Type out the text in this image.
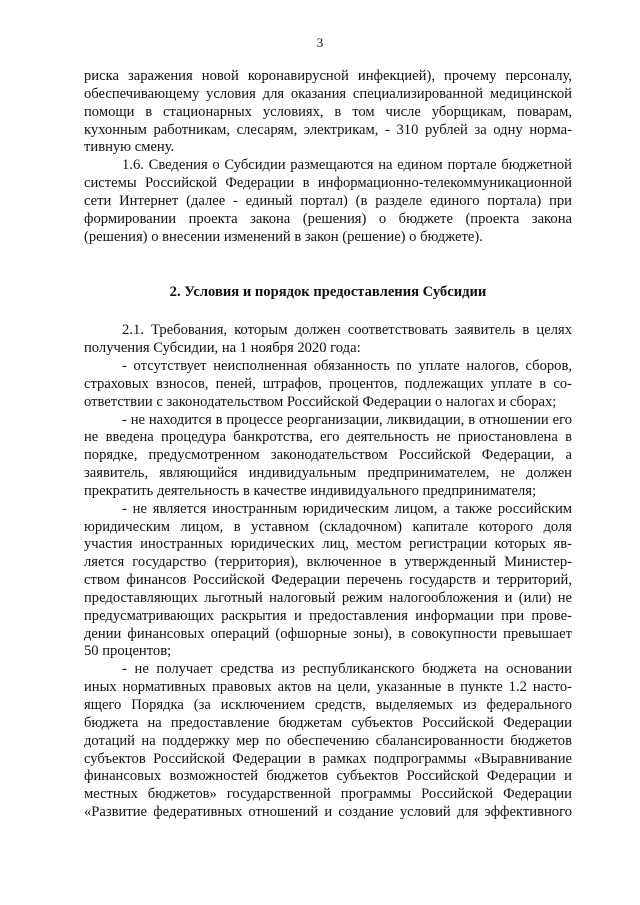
3

риска заражения новой коронавирусной инфекцией), прочему персоналу, обеспечивающему условия для оказания специализированной медицинской помощи в стационарных условиях, в том числе уборщикам, поварам, кухонным работникам, слесарям, электрикам, - 310 рублей за одну нормативную смену.

1.6. Сведения о Субсидии размещаются на едином портале бюджетной системы Российской Федерации в информационно-телекоммуникационной сети Интернет (далее - единый портал) (в разделе единого портала) при формировании проекта закона (решения) о бюджете (проекта закона (решения) о внесении изменений в закон (решение) о бюджете).

2. Условия и порядок предоставления Субсидии

2.1. Требования, которым должен соответствовать заявитель в целях получения Субсидии, на 1 ноября 2020 года:

- отсутствует неисполненная обязанность по уплате налогов, сборов, страховых взносов, пеней, штрафов, процентов, подлежащих уплате в соответствии с законодательством Российской Федерации о налогах и сборах;

- не находится в процессе реорганизации, ликвидации, в отношении его не введена процедура банкротства, его деятельность не приостановлена в порядке, предусмотренном законодательством Российской Федерации, а заявитель, являющийся индивидуальным предпринимателем, не должен прекратить деятельность в качестве индивидуального предпринимателя;

- не является иностранным юридическим лицом, а также российским юридическим лицом, в уставном (складочном) капитале которого доля участия иностранных юридических лиц, местом регистрации которых является государство (территория), включенное в утвержденный Министерством финансов Российской Федерации перечень государств и территорий, предоставляющих льготный налоговый режим налогообложения и (или) не предусматривающих раскрытия и предоставления информации при проведении финансовых операций (офшорные зоны), в совокупности превышает 50 процентов;

- не получает средства из республиканского бюджета на основании иных нормативных правовых актов на цели, указанные в пункте 1.2 настоящего Порядка (за исключением средств, выделяемых из федерального бюджета на предоставление бюджетам субъектов Российской Федерации дотаций на поддержку мер по обеспечению сбалансированности бюджетов субъектов Российской Федерации в рамках подпрограммы «Выравнивание финансовых возможностей бюджетов субъектов Российской Федерации и местных бюджетов» государственной программы Российской Федерации «Развитие федеративных отношений и создание условий для эффективного
